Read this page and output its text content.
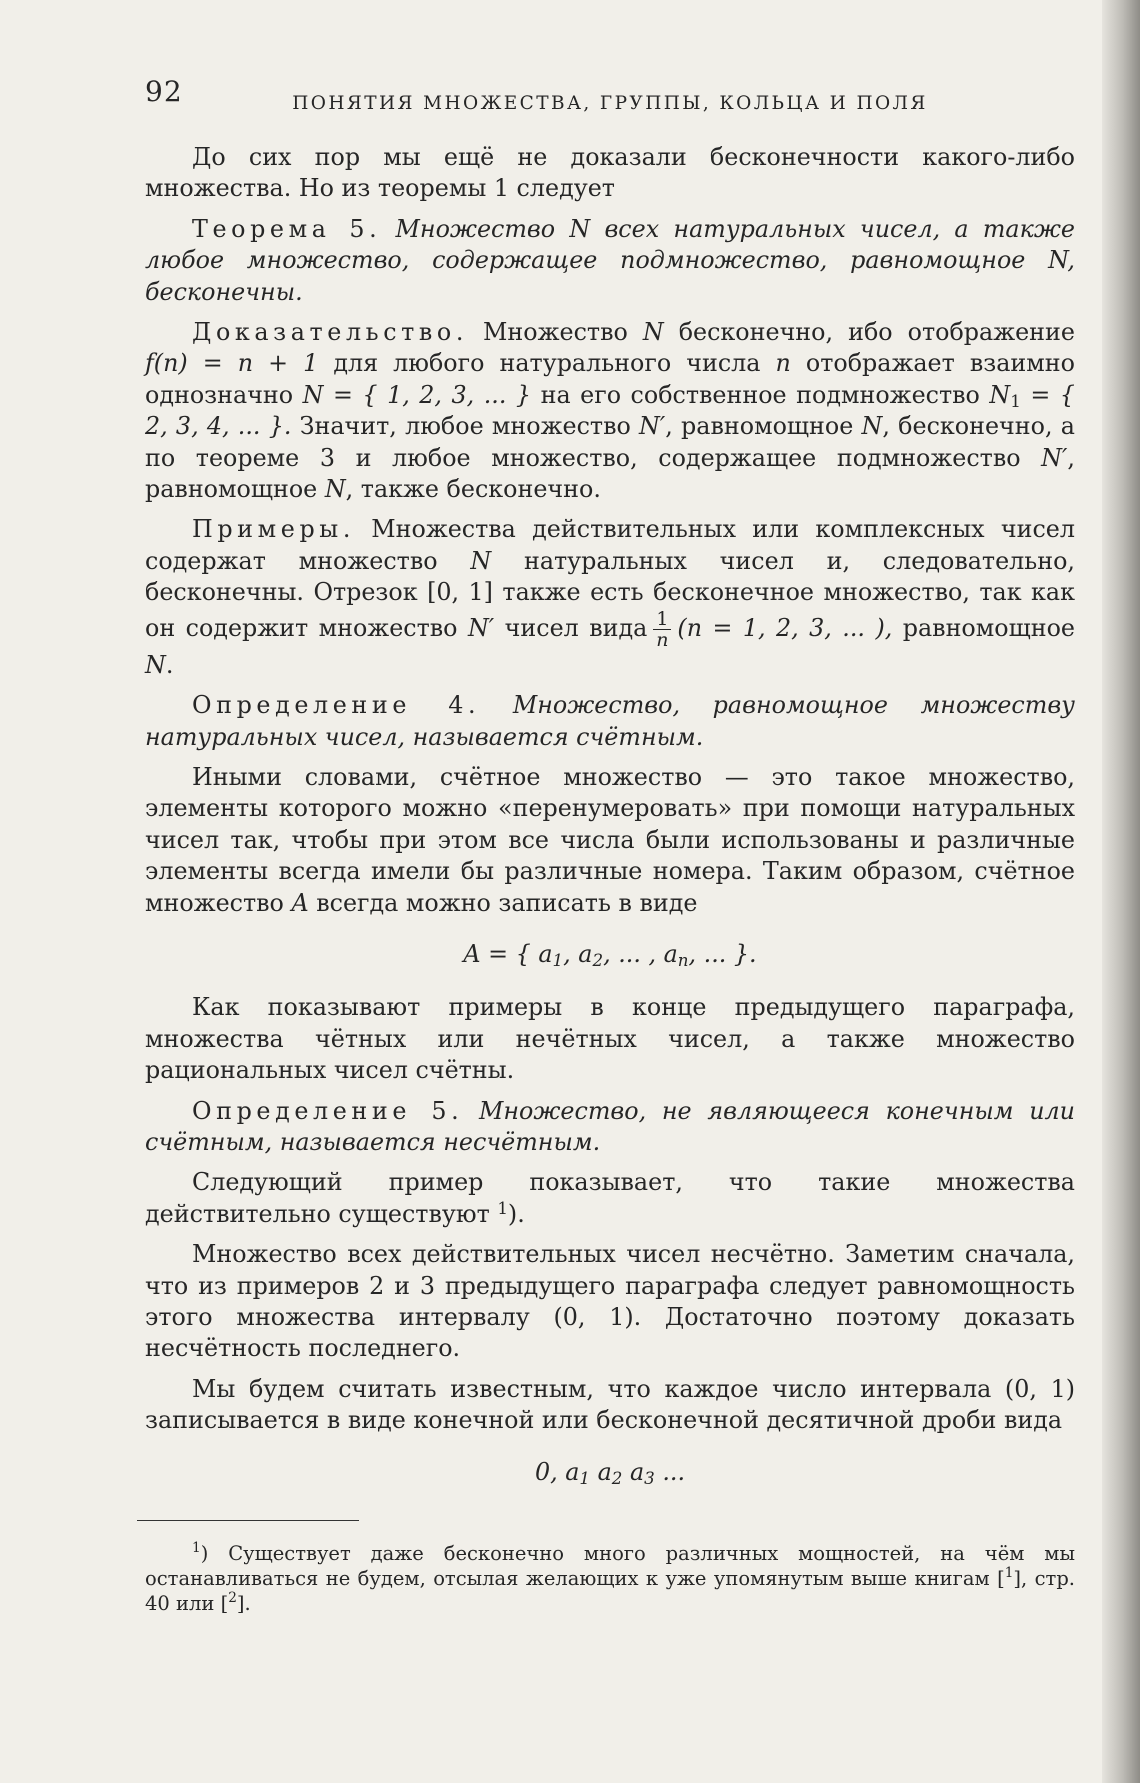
92	ПОНЯТИЯ МНОЖЕСТВА, ГРУППЫ, КОЛЬЦА И ПОЛЯ

До сих пор мы ещё не доказали бесконечности какого-либо множества. Но из теоремы 1 следует

Теорема 5. Множество N всех натуральных чисел, а также любое множество, содержащее подмножество, равномощное N, бесконечны.

Доказательство. Множество N бесконечно, ибо отображение f(n) = n + 1 для любого натурального числа n отображает взаимно однозначно N = { 1, 2, 3, ... } на его собственное подмножество $N_1$ = { 2, 3, 4, ... }. Значит, любое множество N′, равномощное N, бесконечно, а по теореме 3 и любое множество, содержащее подмножество N′, равномощное N, также бесконечно.

Примеры. Множества действительных или комплексных чисел содержат множество N натуральных чисел и, следовательно, бесконечны. Отрезок [0, 1] также есть бесконечное множество, так как он содержит множество N′ чисел вида $\frac{1}{n} (n = 1$, 2, 3, ... ), равномощное N.

Определение 4. Множество, равномощное множеству натуральных чисел, называется счётным.

Иными словами, счётное множество — это такое множество, элементы которого можно «перенумеровать» при помощи натуральных чисел так, чтобы при этом все числа были использованы и различные элементы всегда имели бы различные номера. Таким образом, счётное множество A всегда можно записать в виде

A = { $a_1$, $a_2$, ... , $a_n$, ... }.

Как показывают примеры в конце предыдущего параграфа, множества чётных или нечётных чисел, а также множество рациональных чисел счётны.

Определение 5. Множество, не являющееся конечным или счётным, называется несчётным.

Следующий пример показывает, что такие множества действительно существуют $^1$).

Множество всех действительных чисел несчётно. Заметим сначала, что из примеров 2 и 3 предыдущего параграфа следует равномощность этого множества интервалу (0, 1). Достаточно поэтому доказать несчётность последнего.

Мы будем считать известным, что каждое число интервала (0, 1) записывается в виде конечной или бесконечной десятичной дроби вида

0, $a_1$ $a_2$ $a_3$ ...

$^1$) Существует даже бесконечно много различных мощностей, на чём мы останавливаться не будем, отсылая желающих к уже упомянутым выше книгам [$^1$], стр. 40 или [$^2$].
